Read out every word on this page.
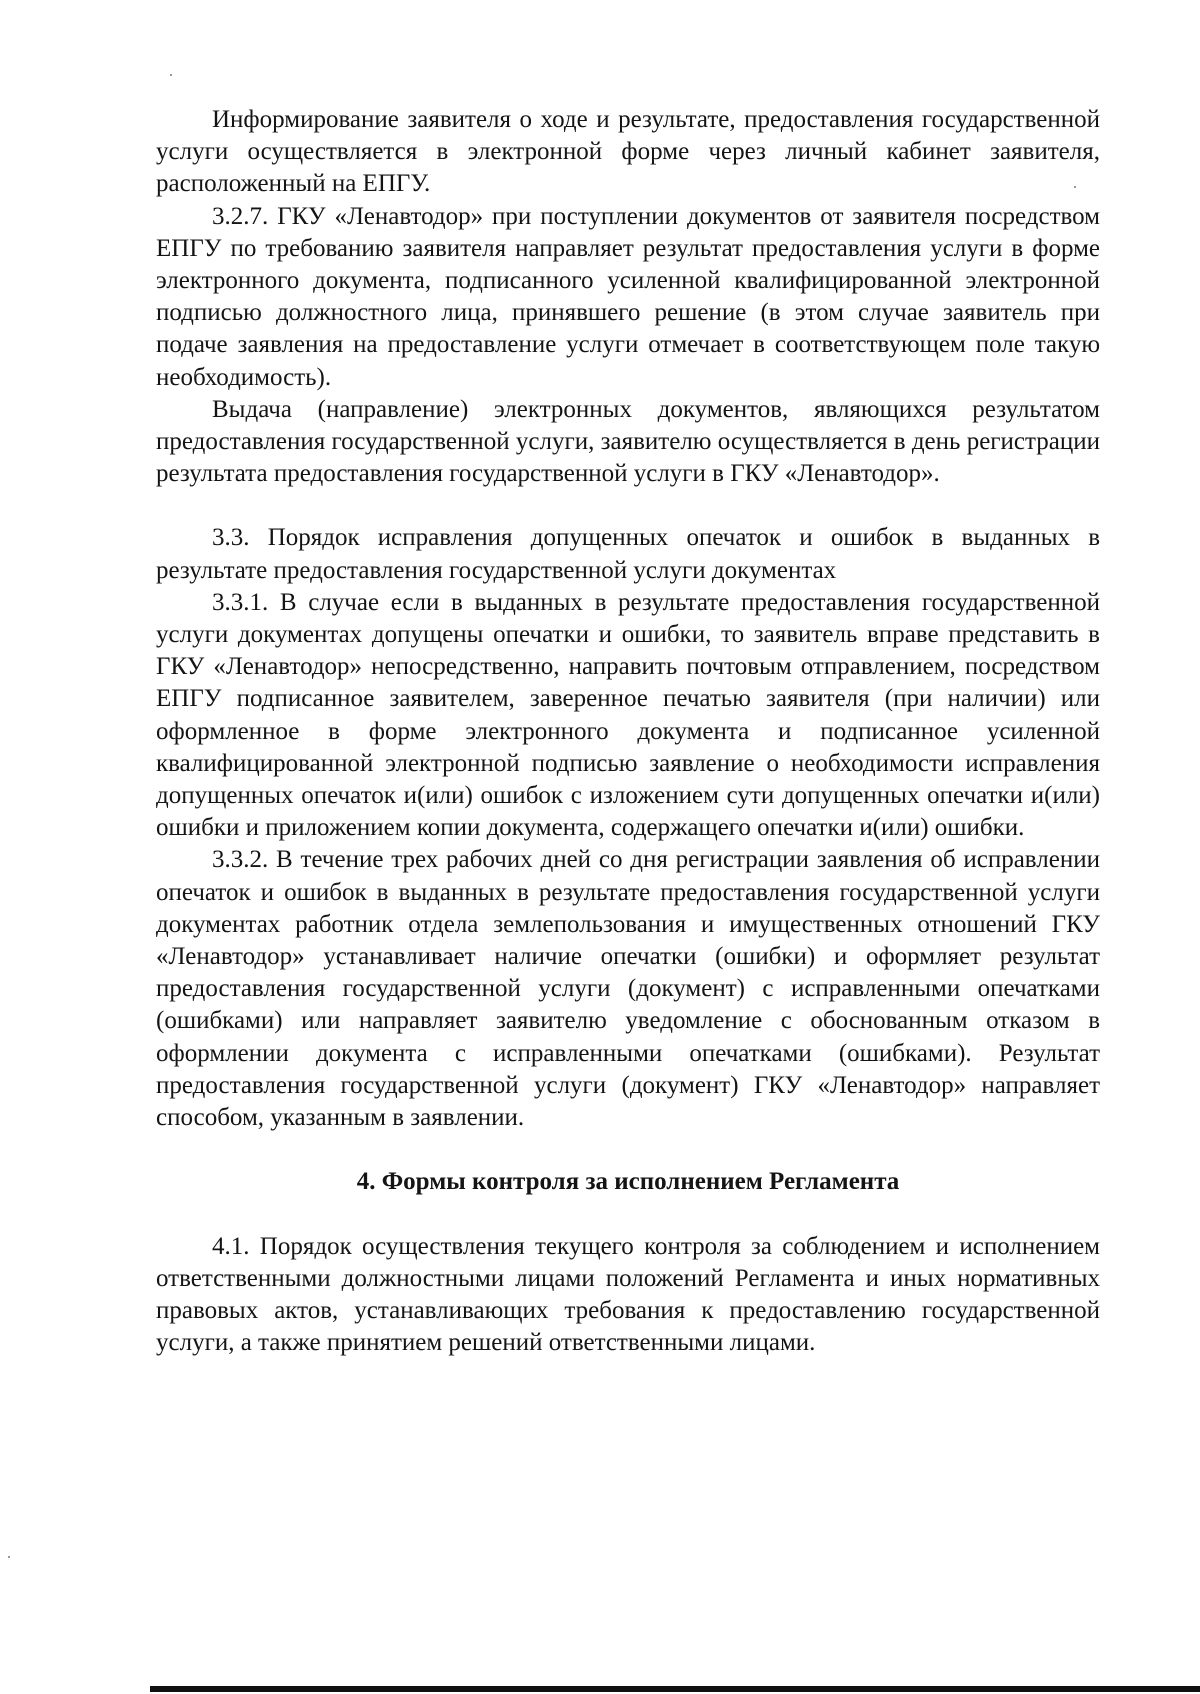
Информирование заявителя о ходе и результате, предоставления государственной услуги осуществляется в электронной форме через личный кабинет заявителя, расположенный на ЕПГУ.

3.2.7. ГКУ «Ленавтодор» при поступлении документов от заявителя посредством ЕПГУ по требованию заявителя направляет результат предоставления услуги в форме электронного документа, подписанного усиленной квалифицированной электронной подписью должностного лица, принявшего решение (в этом случае заявитель при подаче заявления на предоставление услуги отмечает в соответствующем поле такую необходимость).

Выдача (направление) электронных документов, являющихся результатом предоставления государственной услуги, заявителю осуществляется в день регистрации результата предоставления государственной услуги в ГКУ «Ленавтодор».

3.3. Порядок исправления допущенных опечаток и ошибок в выданных в результате предоставления государственной услуги документах

3.3.1. В случае если в выданных в результате предоставления государственной услуги документах допущены опечатки и ошибки, то заявитель вправе представить в ГКУ «Ленавтодор» непосредственно, направить почтовым отправлением, посредством ЕПГУ подписанное заявителем, заверенное печатью заявителя (при наличии) или оформленное в форме электронного документа и подписанное усиленной квалифицированной электронной подписью заявление о необходимости исправления допущенных опечаток и(или) ошибок с изложением сути допущенных опечатки и(или) ошибки и приложением копии документа, содержащего опечатки и(или) ошибки.

3.3.2. В течение трех рабочих дней со дня регистрации заявления об исправлении опечаток и ошибок в выданных в результате предоставления государственной услуги документах работник отдела землепользования и имущественных отношений ГКУ «Ленавтодор» устанавливает наличие опечатки (ошибки) и оформляет результат предоставления государственной услуги (документ) с исправленными опечатками (ошибками) или направляет заявителю уведомление с обоснованным отказом в оформлении документа с исправленными опечатками (ошибками). Результат предоставления государственной услуги (документ) ГКУ «Ленавтодор» направляет способом, указанным в заявлении.

4. Формы контроля за исполнением Регламента

4.1. Порядок осуществления текущего контроля за соблюдением и исполнением ответственными должностными лицами положений Регламента и иных нормативных правовых актов, устанавливающих требования к предоставлению государственной услуги, а также принятием решений ответственными лицами.
